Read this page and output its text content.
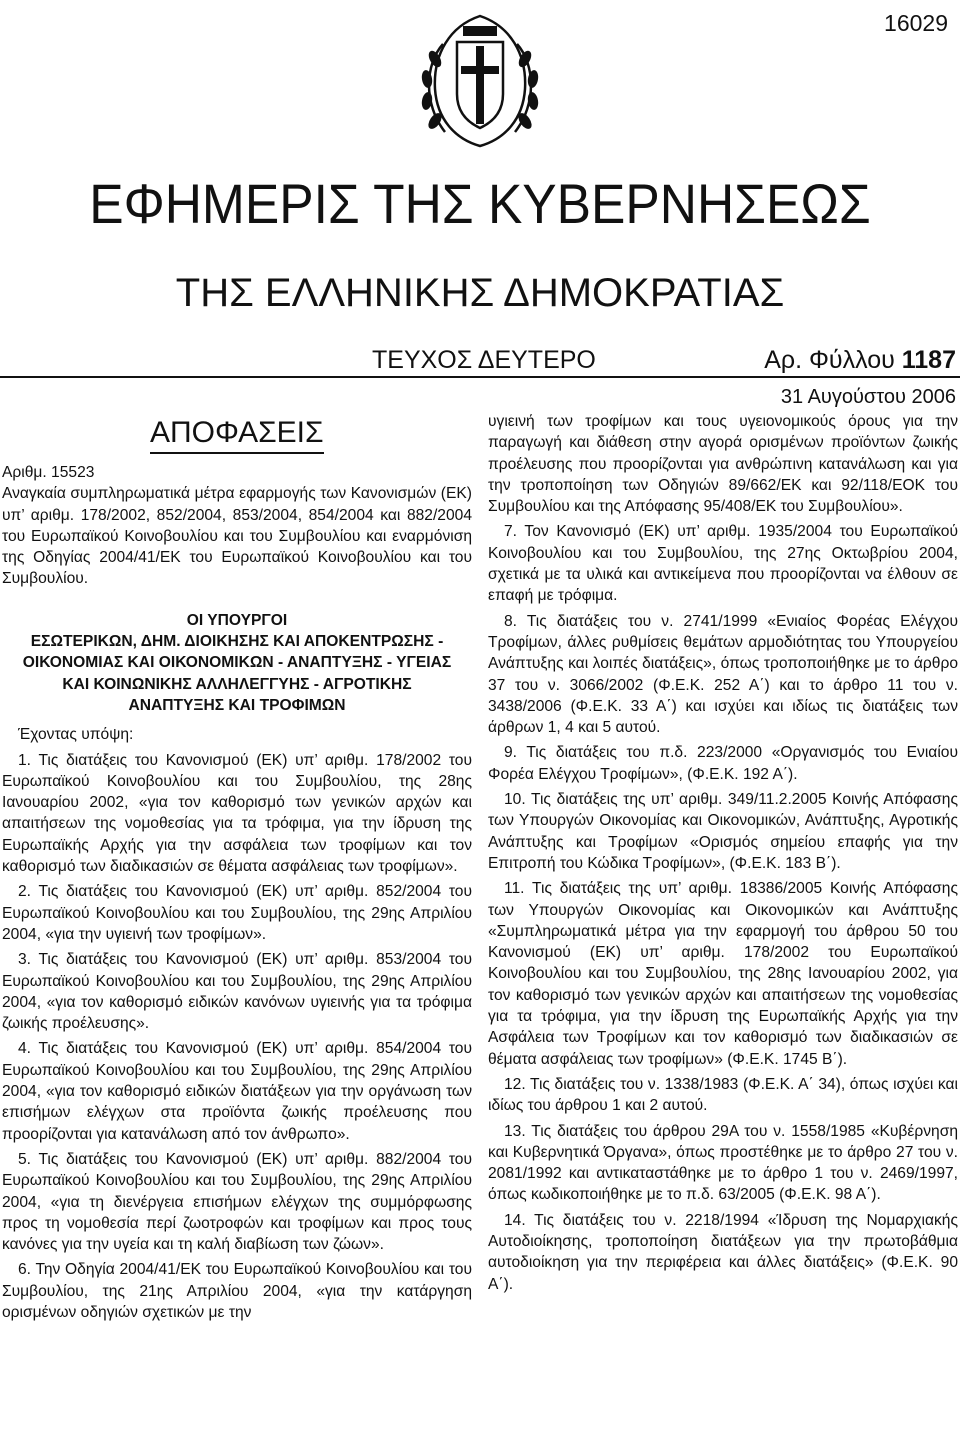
16029
ΕΦΗΜΕΡΙΣ ΤΗΣ ΚΥΒΕΡΝΗΣΕΩΣ
ΤΗΣ ΕΛΛΗΝΙΚΗΣ ΔΗΜΟΚΡΑΤΙΑΣ
ΤΕΥΧΟΣ ΔΕΥΤΕΡΟ	Αρ. Φύλλου 1187
31 Αυγούστου 2006
ΑΠΟΦΑΣΕΙΣ

Αριθμ. 15523

Αναγκαία συμπληρωματικά μέτρα εφαρμογής των Κανονισμών (ΕΚ) υπ’ αριθμ. 178/2002, 852/2004, 853/2004, 854/2004 και 882/2004 του Ευρωπαϊκού Κοινοβουλίου και του Συμβουλίου και εναρμόνιση της Οδηγίας 2004/41/ΕΚ του Ευρωπαϊκού Κοινοβουλίου και του Συμβουλίου.

ΟΙ ΥΠΟΥΡΓΟΙ

ΕΣΩΤΕΡΙΚΩΝ, ΔΗΜ. ΔΙΟΙΚΗΣΗΣ ΚΑΙ ΑΠΟΚΕΝΤΡΩΣΗΣ - ΟΙΚΟΝΟΜΙΑΣ ΚΑΙ ΟΙΚΟΝΟΜΙΚΩΝ - ΑΝΑΠΤΥΞΗΣ - ΥΓΕΙΑΣ ΚΑΙ ΚΟΙΝΩΝΙΚΗΣ ΑΛΛΗΛΕΓΓΥΗΣ - ΑΓΡΟΤΙΚΗΣ ΑΝΑΠΤΥΞΗΣ ΚΑΙ ΤΡΟΦΙΜΩΝ

Έχοντας υπόψη:

1. Τις διατάξεις του Κανονισμού (ΕΚ) υπ’ αριθμ. 178/2002 του Ευρωπαϊκού Κοινοβουλίου και του Συμβουλίου, της 28ης Ιανουαρίου 2002, «για τον καθορισμό των γενικών αρχών και απαιτήσεων της νομοθεσίας για τα τρόφιμα, για την ίδρυση της Ευρωπαϊκής Αρχής για την ασφάλεια των τροφίμων και τον καθορισμό των διαδικασιών σε θέματα ασφάλειας των τροφίμων».

2. Τις διατάξεις του Κανονισμού (ΕΚ) υπ’ αριθμ. 852/2004 του Ευρωπαϊκού Κοινοβουλίου και του Συμβουλίου, της 29ης Απριλίου 2004, «για την υγιεινή των τροφίμων».

3. Τις διατάξεις του Κανονισμού (ΕΚ) υπ’ αριθμ. 853/2004 του Ευρωπαϊκού Κοινοβουλίου και του Συμβουλίου, της 29ης Απριλίου 2004, «για τον καθορισμό ειδικών κανόνων υγιεινής για τα τρόφιμα ζωικής προέλευσης».

4. Τις διατάξεις του Κανονισμού (ΕΚ) υπ’ αριθμ. 854/2004 του Ευρωπαϊκού Κοινοβουλίου και του Συμβουλίου, της 29ης Απριλίου 2004, «για τον καθορισμό ειδικών διατάξεων για την οργάνωση των επισήμων ελέγχων στα προϊόντα ζωικής προέλευσης που προορίζονται για κατανάλωση από τον άνθρωπο».

5. Τις διατάξεις του Κανονισμού (ΕΚ) υπ’ αριθμ. 882/2004 του Ευρωπαϊκού Κοινοβουλίου και του Συμβουλίου, της 29ης Απριλίου 2004, «για τη διενέργεια επισήμων ελέγχων της συμμόρφωσης προς τη νομοθεσία περί ζωοτροφών και τροφίμων και προς τους κανόνες για την υγεία και τη καλή διαβίωση των ζώων».

6. Την Οδηγία 2004/41/ΕΚ του Ευρωπαϊκού Κοινοβουλίου και του Συμβουλίου, της 21ης Απριλίου 2004, «για την κατάργηση ορισμένων οδηγιών σχετικών με την

υγιεινή των τροφίμων και τους υγειονομικούς όρους για την παραγωγή και διάθεση στην αγορά ορισμένων προϊόντων ζωικής προέλευσης που προορίζονται για ανθρώπινη κατανάλωση και για την τροποποίηση των Οδηγιών 89/662/ΕΚ και 92/118/ΕΟΚ του Συμβουλίου και της Απόφασης 95/408/ΕΚ του Συμβουλίου».

7. Τον Κανονισμό (ΕΚ) υπ’ αριθμ. 1935/2004 του Ευρωπαϊκού Κοινοβουλίου και του Συμβουλίου, της 27ης Οκτωβρίου 2004, σχετικά με τα υλικά και αντικείμενα που προορίζονται να έλθουν σε επαφή με τρόφιμα.

8. Τις διατάξεις του ν. 2741/1999 «Ενιαίος Φορέας Ελέγχου Τροφίμων, άλλες ρυθμίσεις θεμάτων αρμοδιότητας του Υπουργείου Ανάπτυξης και λοιπές διατάξεις», όπως τροποποιήθηκε με το άρθρο 37 του ν. 3066/2002 (Φ.Ε.Κ. 252 Α΄) και το άρθρο 11 του ν. 3438/2006 (Φ.Ε.Κ. 33 Α΄) και ισχύει και ιδίως τις διατάξεις των άρθρων 1, 4 και 5 αυτού.

9. Τις διατάξεις του π.δ. 223/2000 «Οργανισμός του Ενιαίου Φορέα Ελέγχου Τροφίμων», (Φ.Ε.Κ. 192 Α΄).

10. Τις διατάξεις της υπ’ αριθμ. 349/11.2.2005 Κοινής Απόφασης των Υπουργών Οικονομίας και Οικονομικών, Ανάπτυξης, Αγροτικής Ανάπτυξης και Τροφίμων «Ορισμός σημείου επαφής για την Επιτροπή του Κώδικα Τροφίμων», (Φ.Ε.Κ. 183 Β΄).

11. Τις διατάξεις της υπ’ αριθμ. 18386/2005 Κοινής Απόφασης των Υπουργών Οικονομίας και Οικονομικών και Ανάπτυξης «Συμπληρωματικά μέτρα για την εφαρμογή του άρθρου 50 του Κανονισμού (ΕΚ) υπ’ αριθμ. 178/2002 του Ευρωπαϊκού Κοινοβουλίου και του Συμβουλίου, της 28ης Ιανουαρίου 2002, για τον καθορισμό των γενικών αρχών και απαιτήσεων της νομοθεσίας για τα τρόφιμα, για την ίδρυση της Ευρωπαϊκής Αρχής για την Ασφάλεια των Τροφίμων και τον καθορισμό των διαδικασιών σε θέματα ασφάλειας των τροφίμων» (Φ.Ε.Κ. 1745 Β΄).

12. Τις διατάξεις του ν. 1338/1983 (Φ.Ε.Κ. Α΄ 34), όπως ισχύει και ιδίως του άρθρου 1 και 2 αυτού.

13. Τις διατάξεις του άρθρου 29Α του ν. 1558/1985 «Κυβέρνηση και Κυβερνητικά Όργανα», όπως προστέθηκε με το άρθρο 27 του ν. 2081/1992 και αντικαταστάθηκε με το άρθρο 1 του ν. 2469/1997, όπως κωδικοποιήθηκε με το π.δ. 63/2005 (Φ.Ε.Κ. 98 Α΄).

14. Τις διατάξεις του ν. 2218/1994 «Ίδρυση της Νομαρχιακής Αυτοδιοίκησης, τροποποίηση διατάξεων για την πρωτοβάθμια αυτοδιοίκηση για την περιφέρεια και άλλες διατάξεις» (Φ.Ε.Κ. 90 Α΄).
